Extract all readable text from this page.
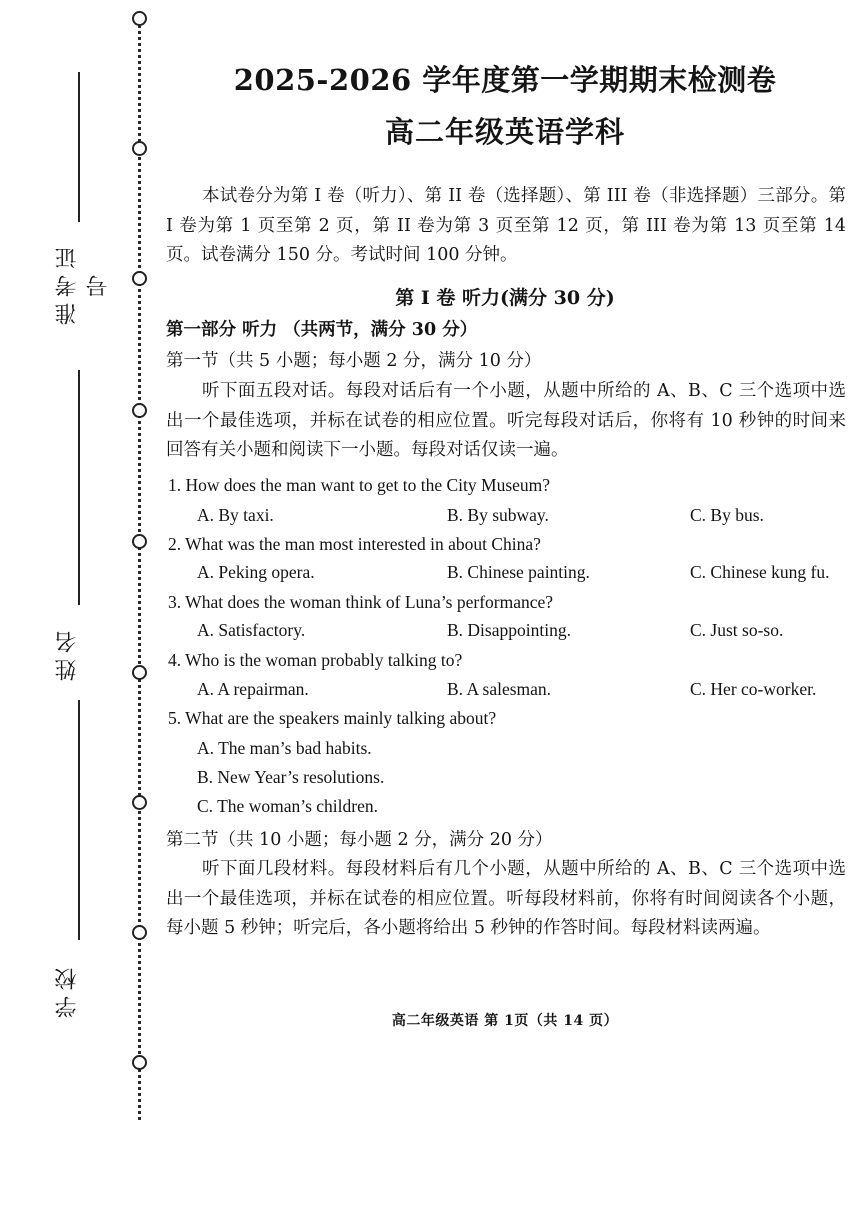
准考证号
姓名
学校
2025-2026 学年度第一学期期末检测卷
高二年级英语学科
本试卷分为第 I 卷（听力）、第 II 卷（选择题）、第 III 卷（非选择题）三部分。第 I 卷为第 1 页至第 2 页，第 II 卷为第 3 页至第 12 页，第 III 卷为第 13 页至第 14 页。试卷满分 150 分。考试时间 100 分钟。
第 I 卷 听力(满分 30 分)
第一部分 听力 （共两节，满分 30 分）
第一节（共 5 小题；每小题 2 分，满分 10 分）
听下面五段对话。每段对话后有一个小题，从题中所给的 A、B、C 三个选项中选出一个最佳选项，并标在试卷的相应位置。听完每段对话后，你将有 10 秒钟的时间来回答有关小题和阅读下一小题。每段对话仅读一遍。
1. How does the man want to get to the City Museum?
A. By taxi.	B. By subway.	C. By bus.
2. What was the man most interested in about China?
A. Peking opera.	B. Chinese painting.	C. Chinese kung fu.
3. What does the woman think of Luna’s performance?
A. Satisfactory.	B. Disappointing.	C. Just so-so.
4. Who is the woman probably talking to?
A. A repairman.	B. A salesman.	C. Her co-worker.
5. What are the speakers mainly talking about?
A. The man’s bad habits.
B. New Year’s resolutions.
C. The woman’s children.
第二节（共 10 小题；每小题 2 分，满分 20 分）
听下面几段材料。每段材料后有几个小题，从题中所给的 A、B、C 三个选项中选出一个最佳选项，并标在试卷的相应位置。听每段材料前，你将有时间阅读各个小题，每小题 5 秒钟；听完后，各小题将给出 5 秒钟的作答时间。每段材料读两遍。
高二年级英语 第 1页（共 14 页）
